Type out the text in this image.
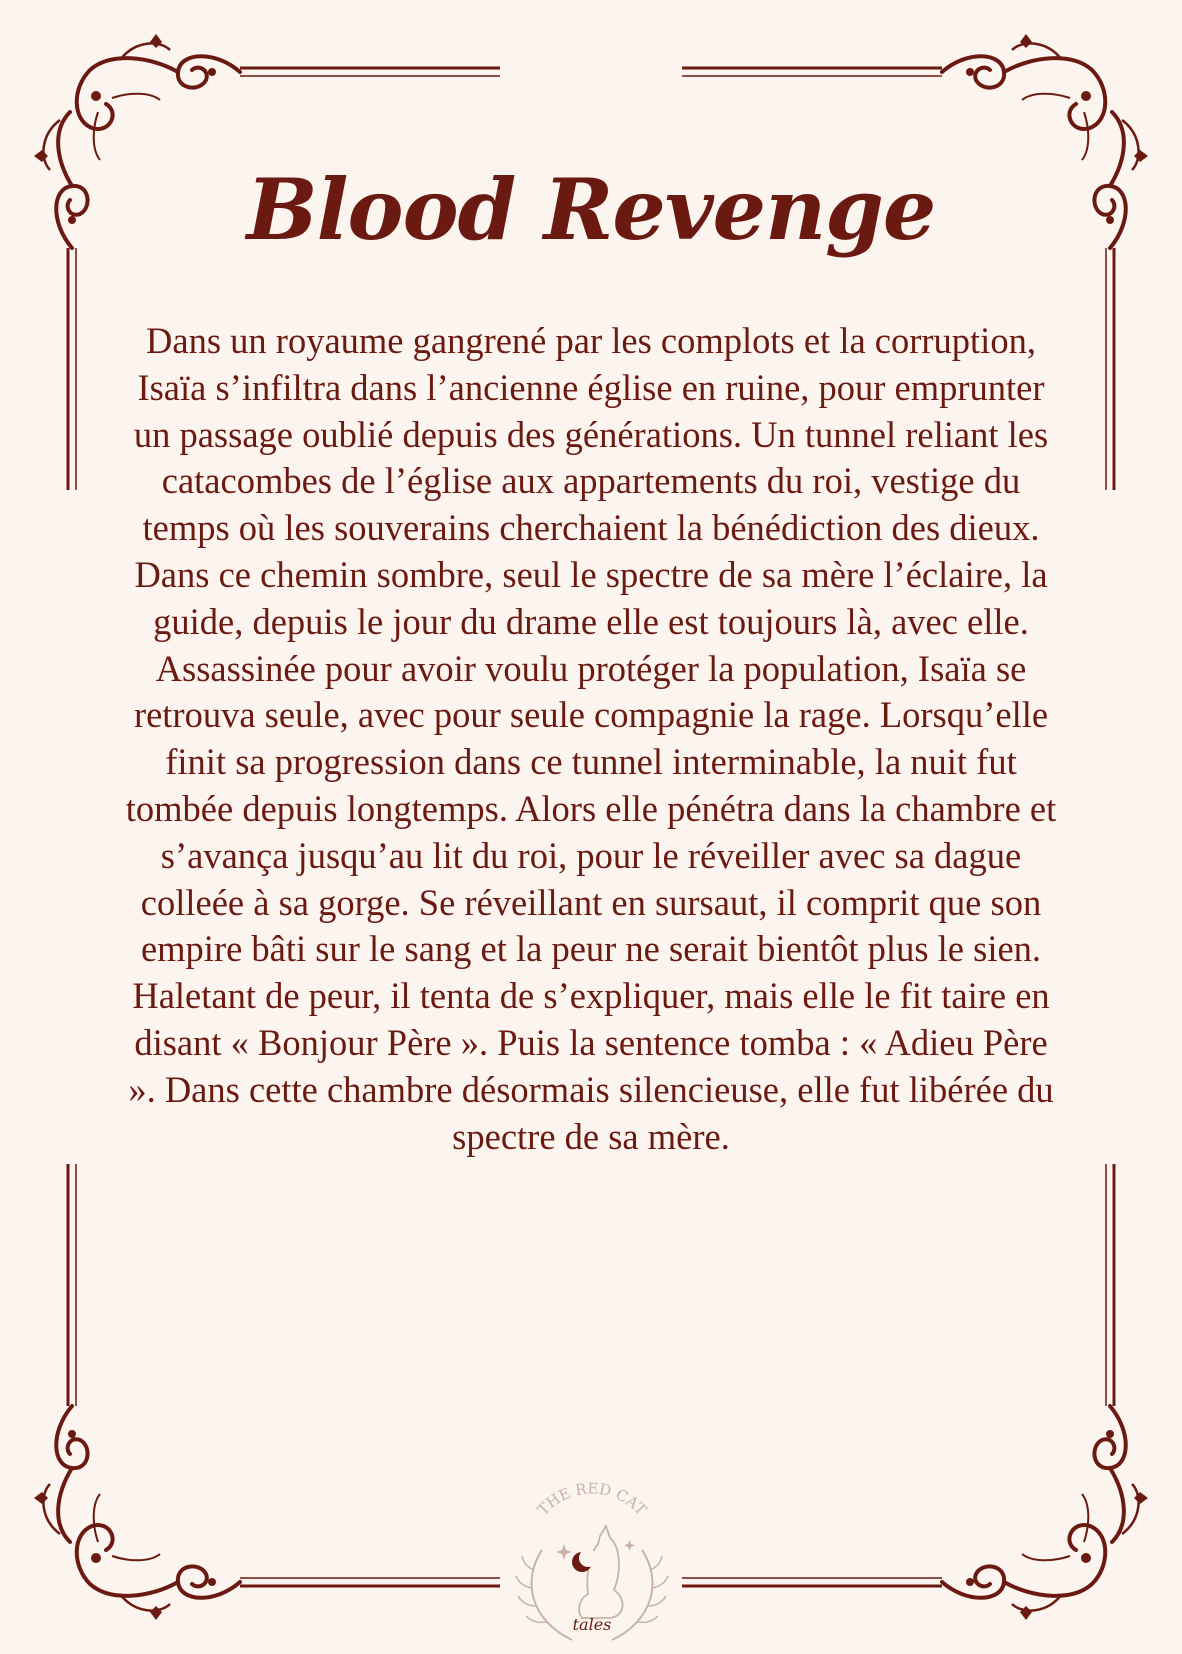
Blood Revenge

Dans un royaume gangrené par les complots et la corruption, Isaïa s’infiltra dans l’ancienne église en ruine, pour emprunter un passage oublié depuis des générations. Un tunnel reliant les catacombes de l’église aux appartements du roi, vestige du temps où les souverains cherchaient la bénédiction des dieux. Dans ce chemin sombre, seul le spectre de sa mère l’éclaire, la guide, depuis le jour du drame elle est toujours là, avec elle. Assassinée pour avoir voulu protéger la population, Isaïa se retrouva seule, avec pour seule compagnie la rage. Lorsqu’elle finit sa progression dans ce tunnel interminable, la nuit fut tombée depuis longtemps. Alors elle pénétra dans la chambre et s’avança jusqu’au lit du roi, pour le réveiller avec sa dague colleée à sa gorge. Se réveillant en sursaut, il comprit que son empire bâti sur le sang et la peur ne serait bientôt plus le sien. Haletant de peur, il tenta de s’expliquer, mais elle le fit taire en disant « Bonjour Père ». Puis la sentence tomba : « Adieu Père ». Dans cette chambre désormais silencieuse, elle fut libérée du spectre de sa mère.

THE RED CAT
tales
